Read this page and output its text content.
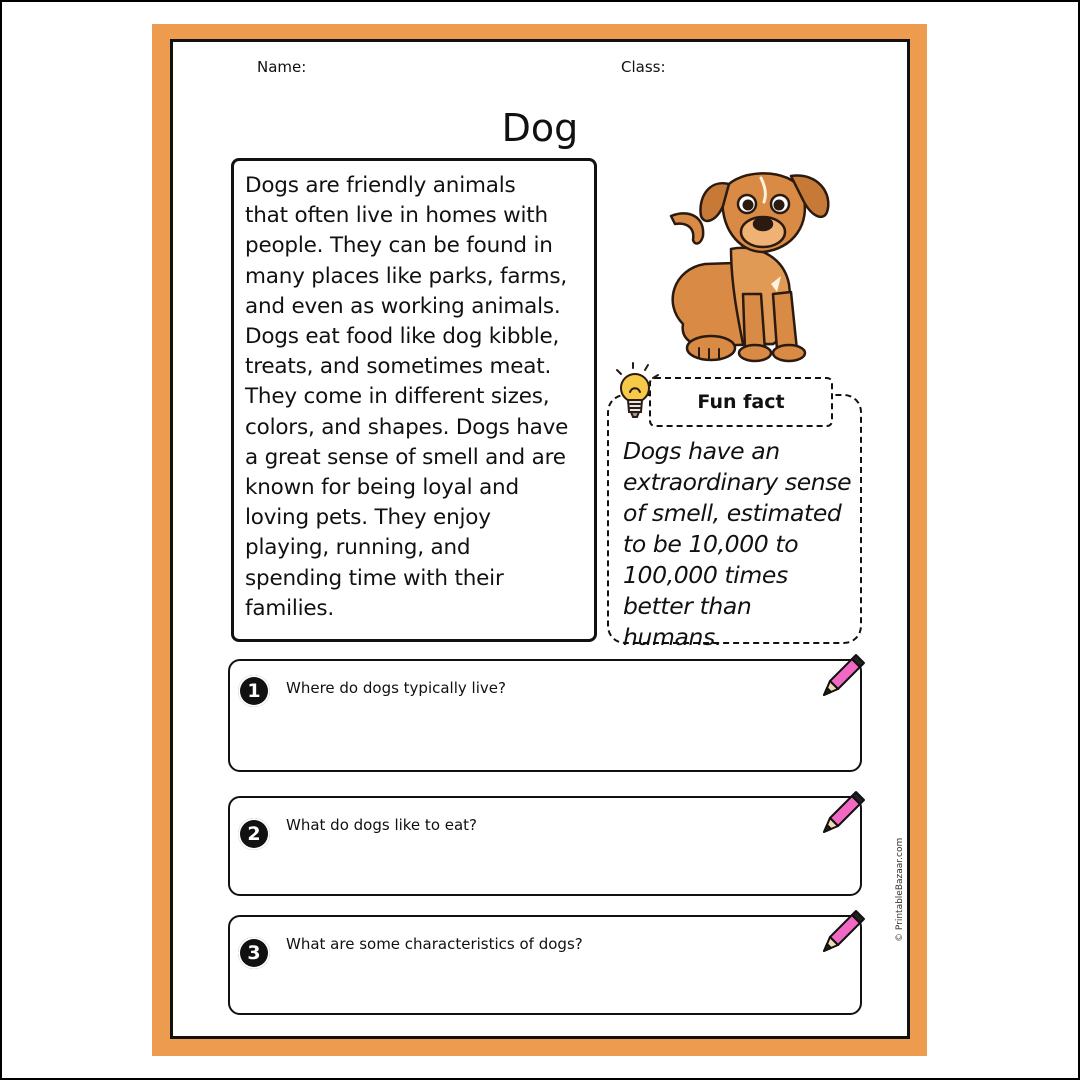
Name:	Class:
Dog
Dogs are friendly animals
that often live in homes with
people. They can be found in
many places like parks, farms,
and even as working animals.
Dogs eat food like dog kibble,
treats, and sometimes meat.
They come in different sizes,
colors, and shapes. Dogs have
a great sense of smell and are
known for being loyal and
loving pets. They enjoy
playing, running, and
spending time with their
families.
Dogs have an
extraordinary sense
of smell, estimated
to be 10,000 to
100,000 times
better than
humans.
Fun fact
1	Where do dogs typically live?
2	What do dogs like to eat?
3	What are some characteristics of dogs?
© PrintableBazaar.com
